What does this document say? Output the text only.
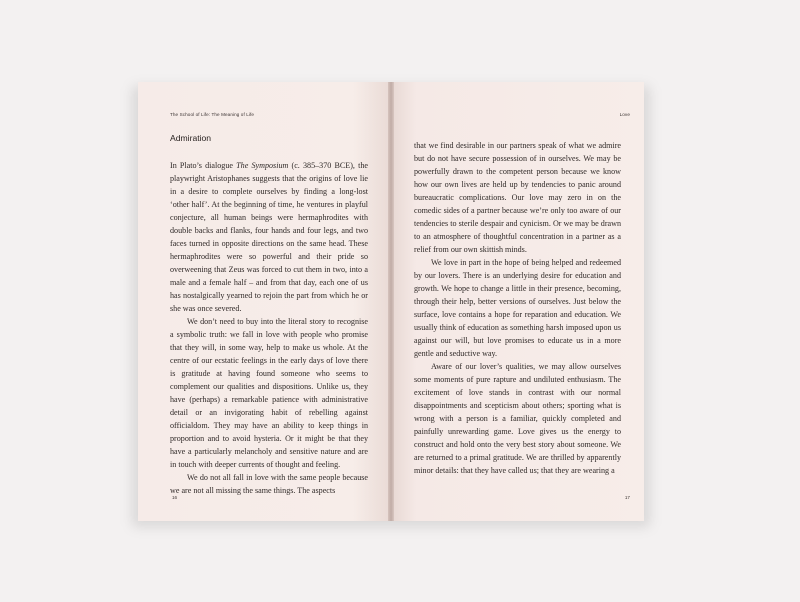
The School of Life: The Meaning of Life
Admiration

In Plato’s dialogue The Symposium (c. 385–370 BCE), the playwright Aristophanes suggests that the origins of love lie in a desire to complete ourselves by finding a long-lost ‘other half’. At the beginning of time, he ventures in playful conjecture, all human beings were hermaphrodites with double backs and flanks, four hands and four legs, and two faces turned in opposite directions on the same head. These hermaphrodites were so powerful and their pride so overweening that Zeus was forced to cut them in two, into a male and a female half – and from that day, each one of us has nostalgically yearned to rejoin the part from which he or she was once severed.

We don’t need to buy into the literal story to recognise a symbolic truth: we fall in love with people who promise that they will, in some way, help to make us whole. At the centre of our ecstatic feelings in the early days of love there is gratitude at having found someone who seems to complement our qualities and dispositions. Unlike us, they have (perhaps) a remarkable patience with administrative detail or an invigorating habit of rebelling against officialdom. They may have an ability to keep things in proportion and to avoid hysteria. Or it might be that they have a particularly melancholy and sensitive nature and are in touch with deeper currents of thought and feeling.

We do not all fall in love with the same people because we are not all missing the same things. The aspects

16
Love

that we find desirable in our partners speak of what we admire but do not have secure possession of in ourselves. We may be powerfully drawn to the competent person because we know how our own lives are held up by tendencies to panic around bureaucratic complications. Our love may zero in on the comedic sides of a partner because we’re only too aware of our tendencies to sterile despair and cynicism. Or we may be drawn to an atmosphere of thoughtful concentration in a partner as a relief from our own skittish minds.

We love in part in the hope of being helped and redeemed by our lovers. There is an underlying desire for education and growth. We hope to change a little in their presence, becoming, through their help, better versions of ourselves. Just below the surface, love contains a hope for reparation and education. We usually think of education as something harsh imposed upon us against our will, but love promises to educate us in a more gentle and seductive way.

Aware of our lover’s qualities, we may allow ourselves some moments of pure rapture and undiluted enthusiasm. The excitement of love stands in contrast with our normal disappointments and scepticism about others; sporting what is wrong with a person is a familiar, quickly completed and painfully unrewarding game. Love gives us the energy to construct and hold onto the very best story about someone. We are returned to a primal gratitude. We are thrilled by apparently minor details: that they have called us; that they are wearing a

17
